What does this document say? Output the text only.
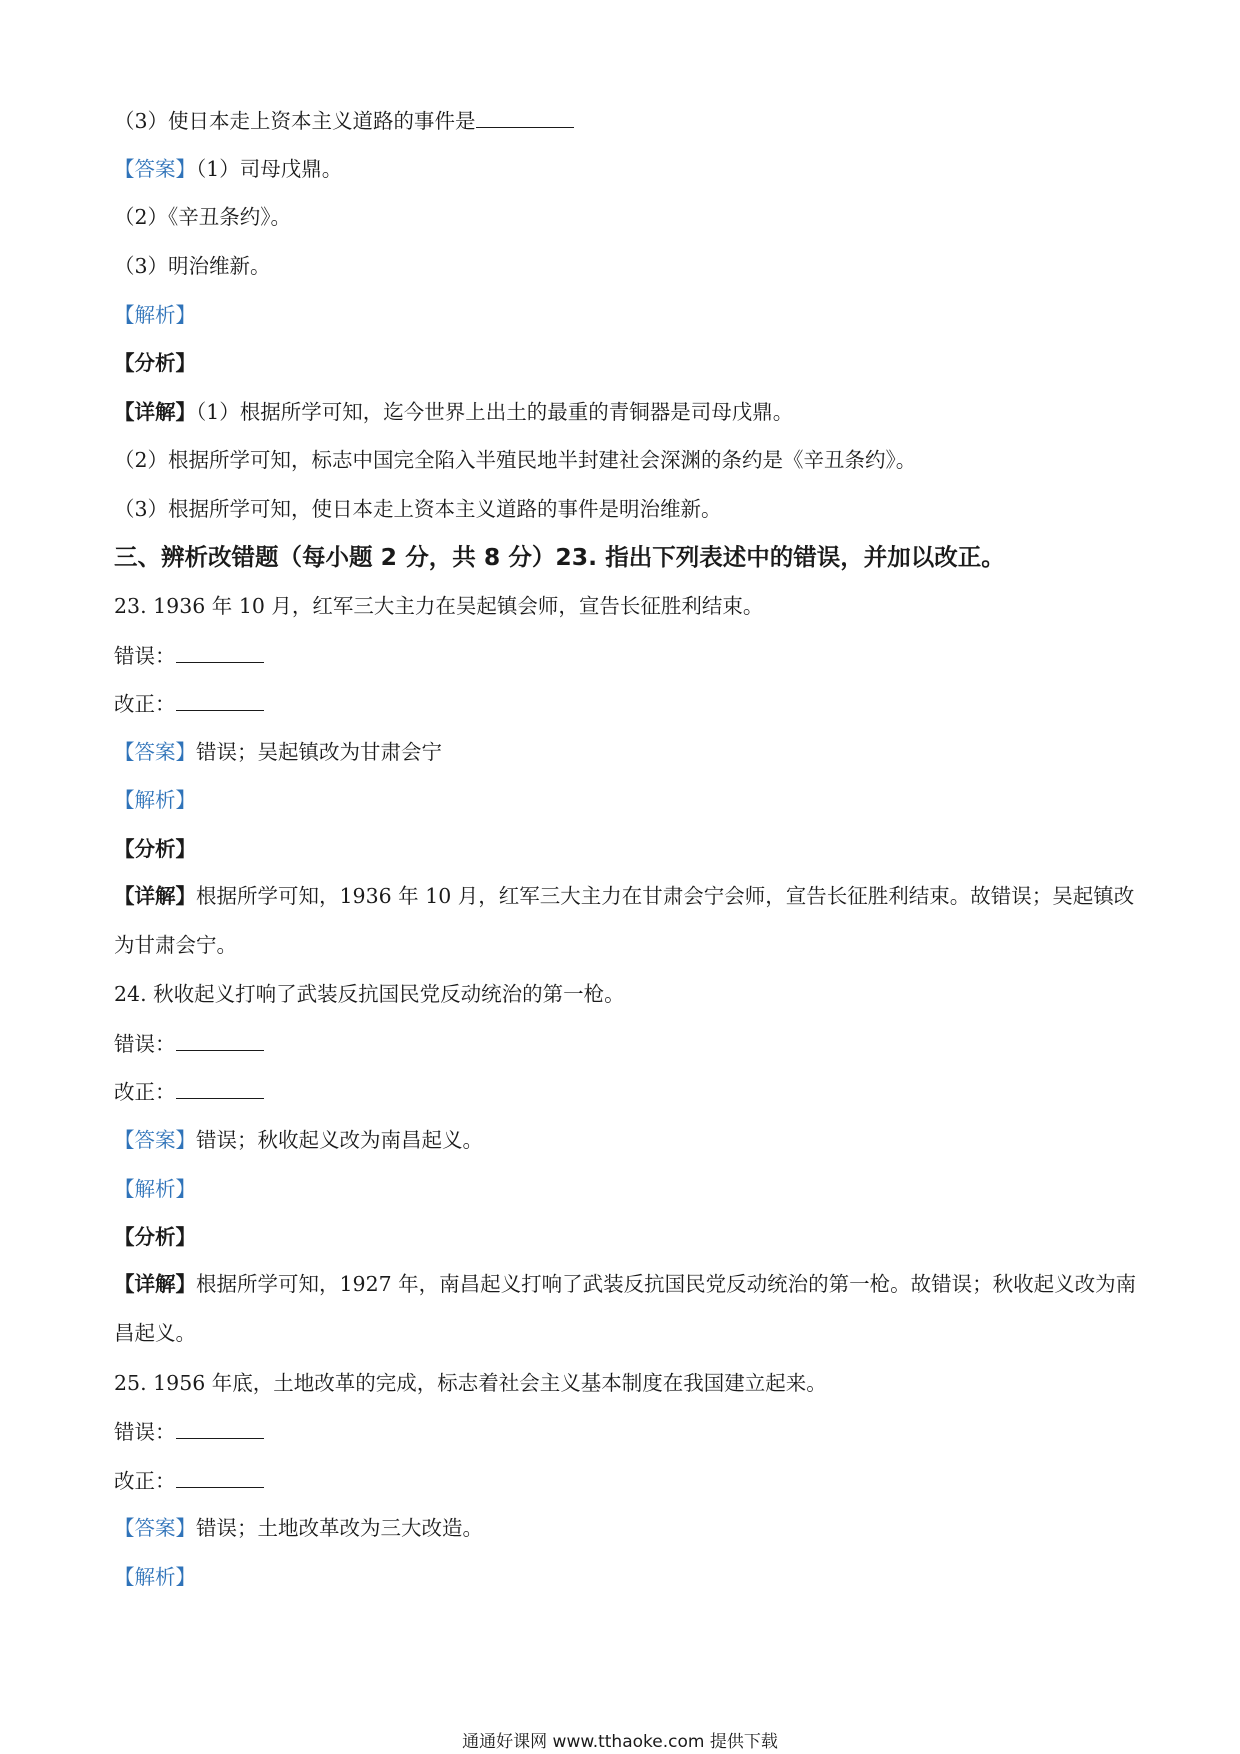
（3）使日本走上资本主义道路的事件是
【答案】（1）司母戊鼎。
（2）《辛丑条约》。
（3）明治维新。
【解析】
【分析】
【详解】（1）根据所学可知，迄今世界上出土的最重的青铜器是司母戊鼎。
（2）根据所学可知，标志中国完全陷入半殖民地半封建社会深渊的条约是《辛丑条约》。
（3）根据所学可知，使日本走上资本主义道路的事件是明治维新。
三、辨析改错题（每小题 2 分，共 8 分）23. 指出下列表述中的错误，并加以改正。
23. 1936 年 10 月，红军三大主力在吴起镇会师，宣告长征胜利结束。
错误：
改正：
【答案】错误；吴起镇改为甘肃会宁
【解析】
【分析】
【详解】根据所学可知，1936 年 10 月，红军三大主力在甘肃会宁会师，宣告长征胜利结束。故错误；吴起镇改为甘肃会宁。
24. 秋收起义打响了武装反抗国民党反动统治的第一枪。
错误：
改正：
【答案】错误；秋收起义改为南昌起义。
【解析】
【分析】
【详解】根据所学可知，1927 年，南昌起义打响了武装反抗国民党反动统治的第一枪。故错误；秋收起义改为南昌起义。
25. 1956 年底，土地改革的完成，标志着社会主义基本制度在我国建立起来。
错误：
改正：
【答案】错误；土地改革改为三大改造。
【解析】
通通好课网 www.tthaoke.com 提供下载
